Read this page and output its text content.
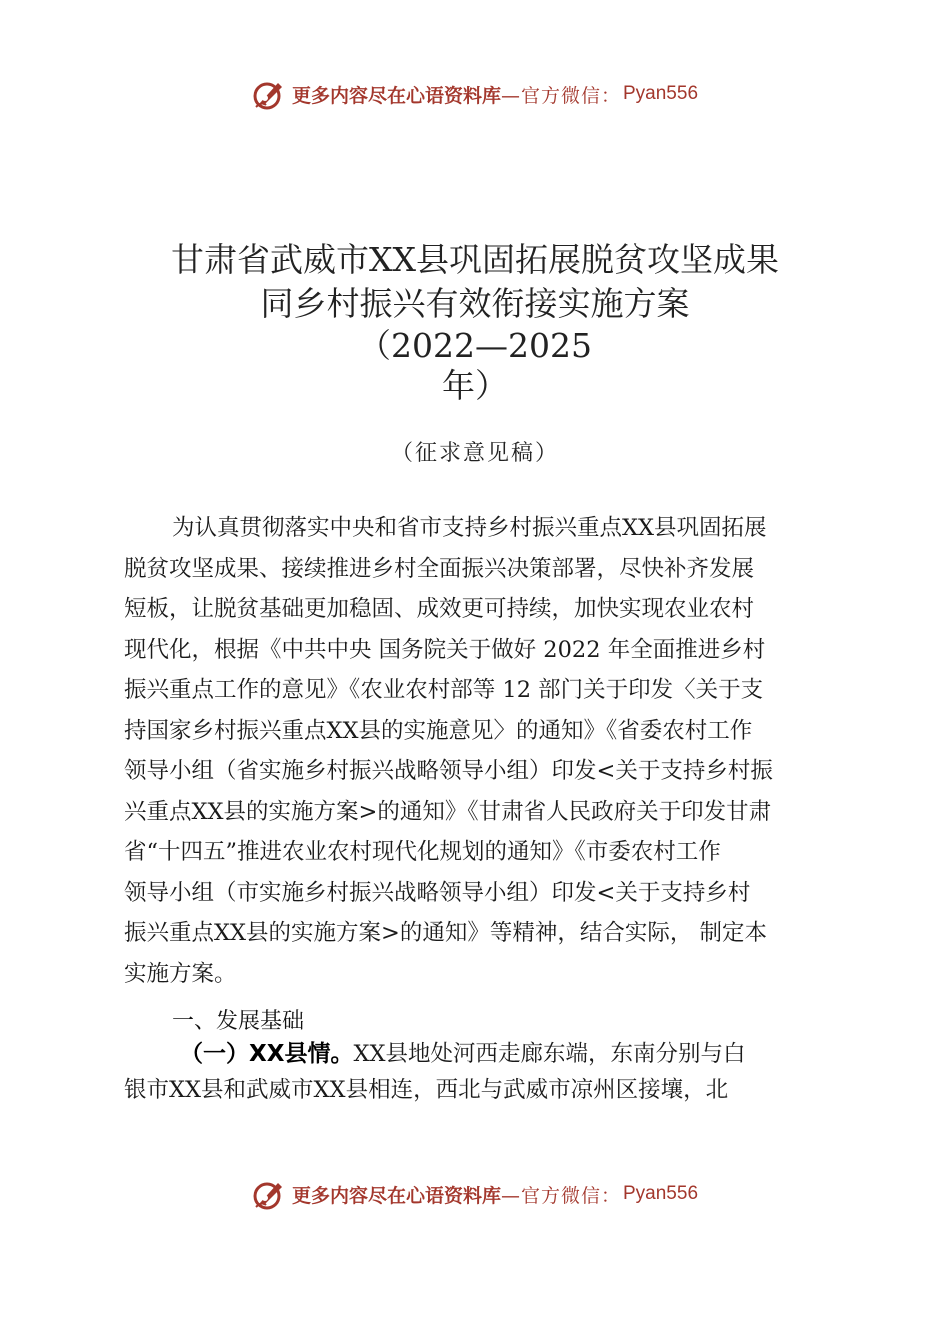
更多内容尽在心语资料库 —官方微信： Pyan556
甘肃省武威市XX县巩固拓展脱贫攻坚成果
同乡村振兴有效衔接实施方案
（2022—2025
年）
（征求意见稿）
为认真贯彻落实中央和省市支持乡村振兴重点XX县巩固拓展
脱贫攻坚成果、接续推进乡村全面振兴决策部署，尽快补齐发展
短板，让脱贫基础更加稳固、成效更可持续，加快实现农业农村
现代化，根据《中共中央 国务院关于做好 2022 年全面推进乡村
振兴重点工作的意见》《农业农村部等 12 部门关于印发〈关于支
持国家乡村振兴重点XX县的实施意见〉的通知》《省委农村工作
领导小组（省实施乡村振兴战略领导小组）印发<关于支持乡村振
兴重点XX县的实施方案>的通知》《甘肃省人民政府关于印发甘肃
省“十四五”推进农业农村现代化规划的通知》《市委农村工作
领导小组（市实施乡村振兴战略领导小组）印发<关于支持乡村
振兴重点XX县的实施方案>的通知》等精神，结合实际， 制定本
实施方案。
一、发展基础
（一）XX县情。XX县地处河西走廊东端，东南分别与白
银市XX县和武威市XX县相连，西北与武威市凉州区接壤，北
更多内容尽在心语资料库 —官方微信： Pyan556
